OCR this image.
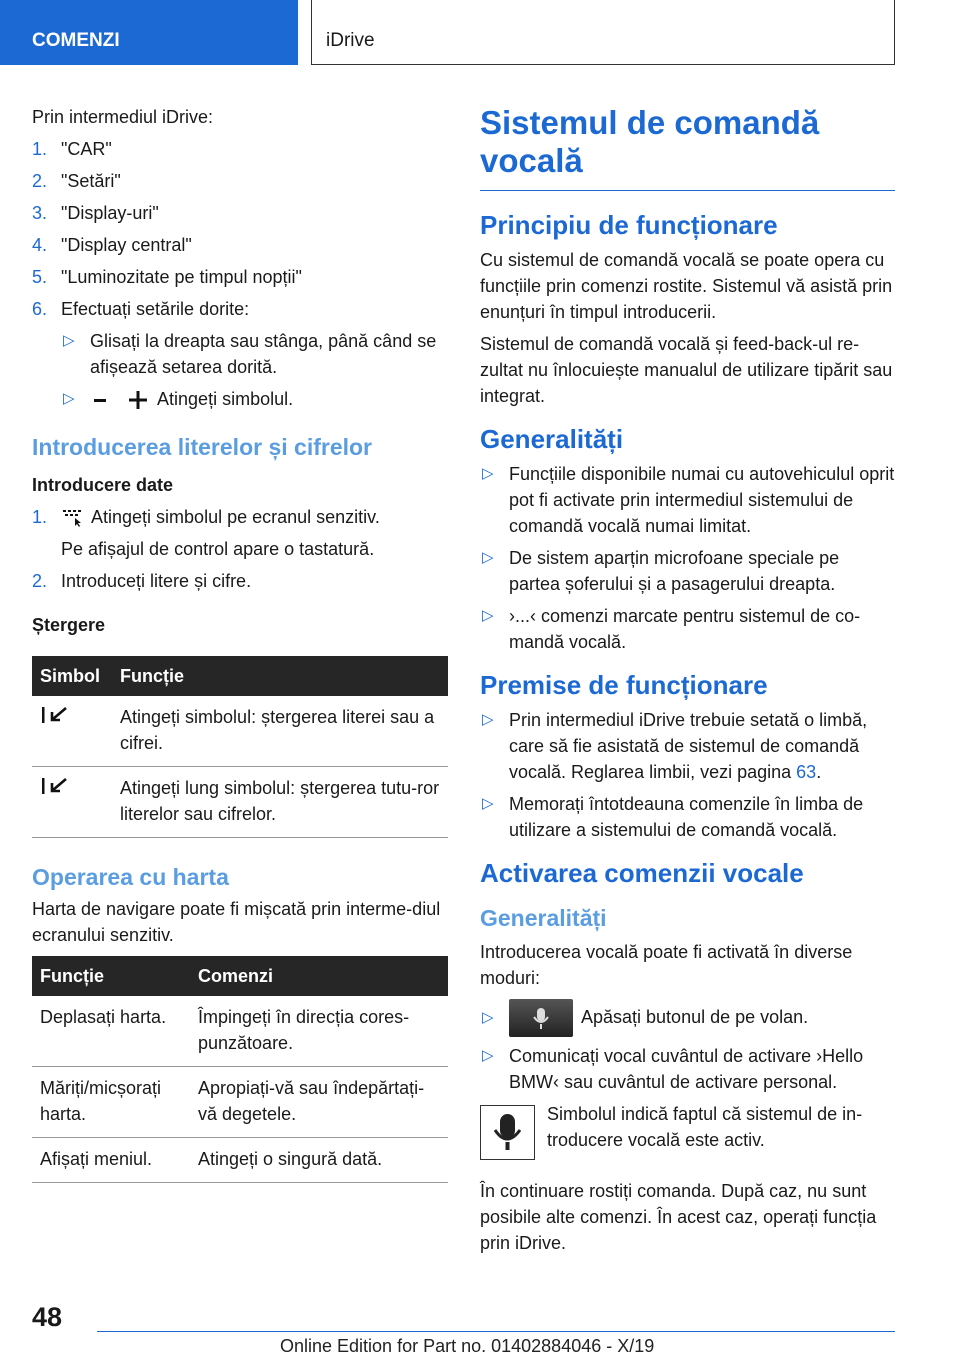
COMENZI	iDrive

Prin intermediul iDrive:

1. "CAR"
2. "Setări"
3. "Display-uri"
4. "Display central"
5. "Luminozitate pe timpul nopții"
6. Efectuați setările dorite:
▷ Glisați la dreapta sau stânga, până când se afișează setarea dorită.
▷	Atingeți simbolul.
Introducerea literelor și cifrelor
Introducere date
1. Atingeți simbolul pe ecranul senzitiv.
Pe afișajul de control apare o tastatură.
2. Introduceți litere și cifre.
Ștergere
Simbol	Funcție
	Atingeți simbolul: ștergerea literei sau a cifrei.
	Atingeți lung simbolul: ștergerea tutu-ror literelor sau cifrelor.
Operarea cu harta

Harta de navigare poate fi mișcată prin interme-diul ecranului senzitiv.

Funcție	Comenzi
Deplasați harta.	Împingeți în direcția cores-punzătoare.
Măriți/micșorați harta.	Apropiați-vă sau îndepărtați-vă degetele.
Afișați meniul.	Atingeți o singură dată.
Sistemul de comandă vocală
Principiu de funcționare

Cu sistemul de comandă vocală se poate opera cu funcțiile prin comenzi rostite. Sistemul vă asistă prin enunțuri în timpul introducerii.

Sistemul de comandă vocală și feed-back-ul re-zultat nu înlocuiește manualul de utilizare tipărit sau integrat.

Generalități
▷ Funcțiile disponibile numai cu autovehiculul oprit pot fi activate prin intermediul sistemului de comandă vocală numai limitat.
▷ De sistem aparțin microfoane speciale pe partea șoferului și a pasagerului dreapta.
▷ ›...‹ comenzi marcate pentru sistemul de co-mandă vocală.
Premise de funcționare
▷ Prin intermediul iDrive trebuie setată o limbă, care să fie asistată de sistemul de comandă vocală. Reglarea limbii, vezi pagina 63.
▷ Memorați întotdeauna comenzile în limba de utilizare a sistemului de comandă vocală.
Activarea comenzii vocale
Generalități

Introducerea vocală poate fi activată în diverse moduri:

▷	Apăsați butonul de pe volan.
▷ Comunicați vocal cuvântul de activare ›Hello BMW‹ sau cuvântul de activare personal.

Simbolul indică faptul că sistemul de in-troducere vocală este activ.

În continuare rostiți comanda. După caz, nu sunt posibile alte comenzi. În acest caz, operați funcția prin iDrive.

48
Online Edition for Part no. 01402884046 - X/19
